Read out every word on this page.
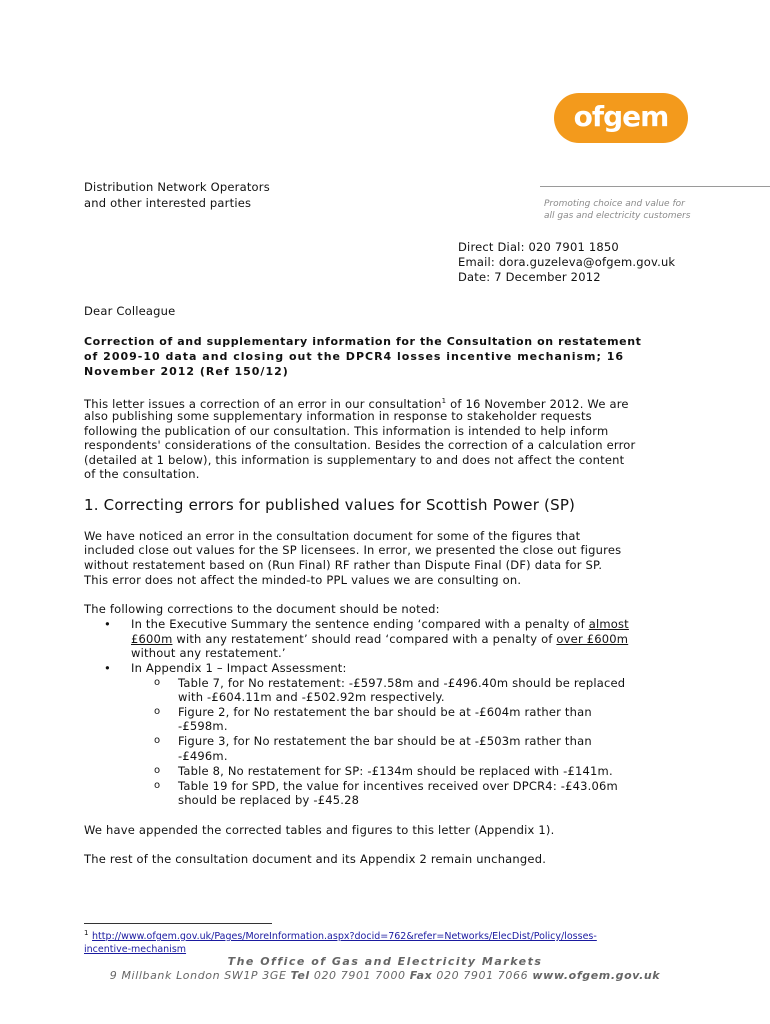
ofgem
Distribution Network Operators
and other interested parties	Promoting choice and value for
all gas and electricity customers
Direct Dial: 020 7901 1850
Email: dora.guzeleva@ofgem.gov.uk
Date: 7 December 2012
Dear Colleague
Correction of and supplementary information for the Consultation on restatement
of 2009-10 data and closing out the DPCR4 losses incentive mechanism; 16
November 2012 (Ref 150/12)
This letter issues a correction of an error in our consultation$^1$ of 16 November 2012. We are
also publishing some supplementary information in response to stakeholder requests
following the publication of our consultation. This information is intended to help inform
respondents' considerations of the consultation. Besides the correction of a calculation error
(detailed at 1 below), this information is supplementary to and does not affect the content
of the consultation.
1. Correcting errors for published values for Scottish Power (SP)
We have noticed an error in the consultation document for some of the figures that
included close out values for the SP licensees. In error, we presented the close out figures
without restatement based on (Run Final) RF rather than Dispute Final (DF) data for SP.
This error does not affect the minded-to PPL values we are consulting on.
The following corrections to the document should be noted:
• In the Executive Summary the sentence ending ‘compared with a penalty of almost
£600m with any restatement’ should read ‘compared with a penalty of over £600m
without any restatement.’
• In Appendix 1 – Impact Assessment:
o Table 7, for No restatement: -£597.58m and -£496.40m should be replaced
with -£604.11m and -£502.92m respectively.
o Figure 2, for No restatement the bar should be at -£604m rather than
-£598m.
o Figure 3, for No restatement the bar should be at -£503m rather than
-£496m.
o Table 8, No restatement for SP: -£134m should be replaced with -£141m.
o Table 19 for SPD, the value for incentives received over DPCR4: -£43.06m
should be replaced by -£45.28
We have appended the corrected tables and figures to this letter (Appendix 1).
The rest of the consultation document and its Appendix 2 remain unchanged.
1 http://www.ofgem.gov.uk/Pages/MoreInformation.aspx?docid=762&refer=Networks/ElecDist/Policy/losses-
incentive-mechanism
The Office of Gas and Electricity Markets
9 Millbank London SW1P 3GE Tel 020 7901 7000 Fax 020 7901 7066 www.ofgem.gov.uk
